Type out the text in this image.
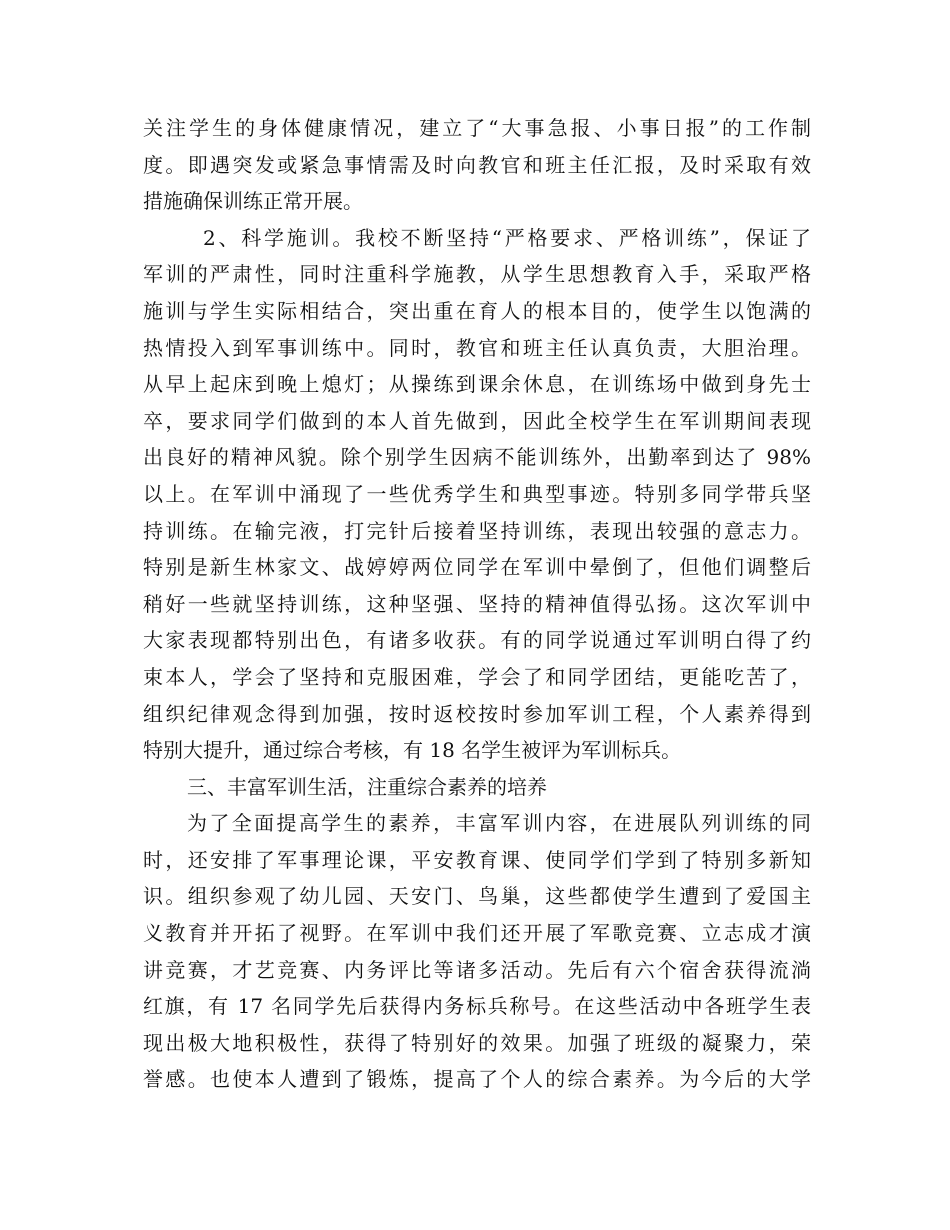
关注学生的身体健康情况，建立了“大事急报、小事日报”的工作制
度。即遇突发或紧急事情需及时向教官和班主任汇报，及时采取有效
措施确保训练正常开展。
2、科学施训。我校不断坚持“严格要求、严格训练”，保证了
军训的严肃性，同时注重科学施教，从学生思想教育入手，采取严格
施训与学生实际相结合，突出重在育人的根本目的，使学生以饱满的
热情投入到军事训练中。同时，教官和班主任认真负责，大胆治理。
从早上起床到晚上熄灯；从操练到课余休息，在训练场中做到身先士
卒，要求同学们做到的本人首先做到，因此全校学生在军训期间表现
出良好的精神风貌。除个别学生因病不能训练外，出勤率到达了 98%
以上。在军训中涌现了一些优秀学生和典型事迹。特别多同学带兵坚
持训练。在输完液，打完针后接着坚持训练，表现出较强的意志力。
特别是新生林家文、战婷婷两位同学在军训中晕倒了，但他们调整后
稍好一些就坚持训练，这种坚强、坚持的精神值得弘扬。这次军训中
大家表现都特别出色，有诸多收获。有的同学说通过军训明白得了约
束本人，学会了坚持和克服困难，学会了和同学团结，更能吃苦了，
组织纪律观念得到加强，按时返校按时参加军训工程，个人素养得到
特别大提升，通过综合考核，有 18 名学生被评为军训标兵。
三、丰富军训生活，注重综合素养的培养
为了全面提高学生的素养，丰富军训内容，在进展队列训练的同
时，还安排了军事理论课，平安教育课、使同学们学到了特别多新知
识。组织参观了幼儿园、天安门、鸟巢，这些都使学生遭到了爱国主
义教育并开拓了视野。在军训中我们还开展了军歌竞赛、立志成才演
讲竞赛，才艺竞赛、内务评比等诸多活动。先后有六个宿舍获得流淌
红旗，有 17 名同学先后获得内务标兵称号。在这些活动中各班学生表
现出极大地积极性，获得了特别好的效果。加强了班级的凝聚力，荣
誉感。也使本人遭到了锻炼，提高了个人的综合素养。为今后的大学
